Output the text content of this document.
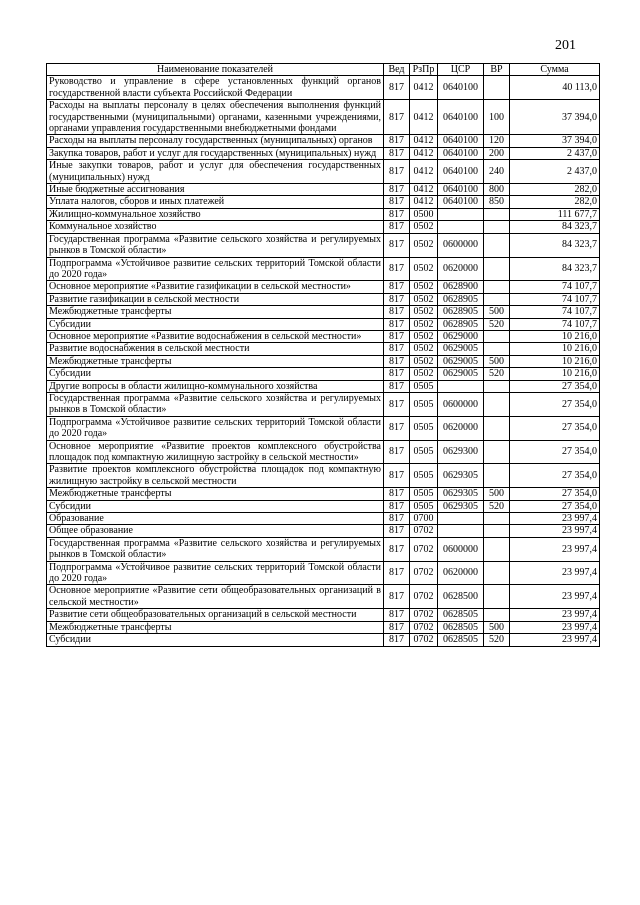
201
Наименование показателей	Вед	РзПр	ЦСР	ВР	Сумма
Руководство и управление в сфере установленных функций органов государственной власти субъекта Российской Федерации	817	0412	0640100		40 113,0
Расходы на выплаты персоналу в целях обеспечения выполнения функций государственными (муниципальными) органами, казенными учреждениями, органами управления государственными внебюджетными фондами	817	0412	0640100	100	37 394,0
Расходы на выплаты персоналу государственных (муниципальных) органов	817	0412	0640100	120	37 394,0
Закупка товаров, работ и услуг для государственных (муниципальных) нужд	817	0412	0640100	200	2 437,0
Иные закупки товаров, работ и услуг для обеспечения государственных (муниципальных) нужд	817	0412	0640100	240	2 437,0
Иные бюджетные ассигнования	817	0412	0640100	800	282,0
Уплата налогов, сборов и иных платежей	817	0412	0640100	850	282,0
Жилищно-коммунальное хозяйство	817	0500			111 677,7
Коммунальное хозяйство	817	0502			84 323,7
Государственная программа «Развитие сельского хозяйства и регулируемых рынков в Томской области»	817	0502	0600000		84 323,7
Подпрограмма «Устойчивое развитие сельских территорий Томской области до 2020 года»	817	0502	0620000		84 323,7
Основное мероприятие «Развитие газификации в сельской местности»	817	0502	0628900		74 107,7
Развитие газификации в сельской местности	817	0502	0628905		74 107,7
Межбюджетные трансферты	817	0502	0628905	500	74 107,7
Субсидии	817	0502	0628905	520	74 107,7
Основное мероприятие «Развитие водоснабжения в сельской местности»	817	0502	0629000		10 216,0
Развитие водоснабжения в сельской местности	817	0502	0629005		10 216,0
Межбюджетные трансферты	817	0502	0629005	500	10 216,0
Субсидии	817	0502	0629005	520	10 216,0
Другие вопросы в области жилищно-коммунального хозяйства	817	0505			27 354,0
Государственная программа «Развитие сельского хозяйства и регулируемых рынков в Томской области»	817	0505	0600000		27 354,0
Подпрограмма «Устойчивое развитие сельских территорий Томской области до 2020 года»	817	0505	0620000		27 354,0
Основное мероприятие «Развитие проектов комплексного обустройства площадок под компактную жилищную застройку в сельской местности»	817	0505	0629300		27 354,0
Развитие проектов комплексного обустройства площадок под компактную жилищную застройку в сельской местности	817	0505	0629305		27 354,0
Межбюджетные трансферты	817	0505	0629305	500	27 354,0
Субсидии	817	0505	0629305	520	27 354,0
Образование	817	0700			23 997,4
Общее образование	817	0702			23 997,4
Государственная программа «Развитие сельского хозяйства и регулируемых рынков в Томской области»	817	0702	0600000		23 997,4
Подпрограмма «Устойчивое развитие сельских территорий Томской области до 2020 года»	817	0702	0620000		23 997,4
Основное мероприятие «Развитие сети общеобразовательных организаций в сельской местности»	817	0702	0628500		23 997,4
Развитие сети общеобразовательных организаций в сельской местности	817	0702	0628505		23 997,4
Межбюджетные трансферты	817	0702	0628505	500	23 997,4
Субсидии	817	0702	0628505	520	23 997,4
